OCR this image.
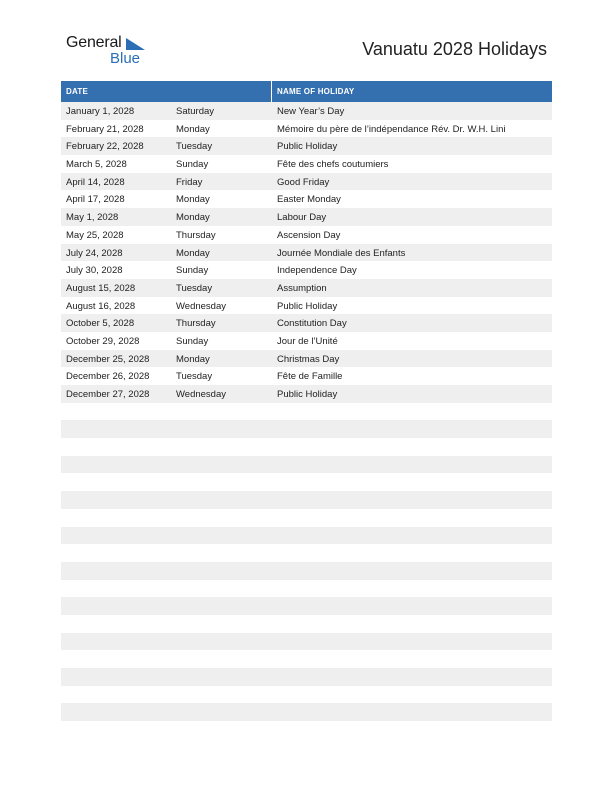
General
Blue	Vanuatu 2028 Holidays
DATE	NAME OF HOLIDAY
January 1, 2028	Saturday	New Year’s Day
February 21, 2028	Monday	Mémoire du père de l’indépendance Rév. Dr. W.H. Lini
February 22, 2028	Tuesday	Public Holiday
March 5, 2028	Sunday	Fête des chefs coutumiers
April 14, 2028	Friday	Good Friday
April 17, 2028	Monday	Easter Monday
May 1, 2028	Monday	Labour Day
May 25, 2028	Thursday	Ascension Day
July 24, 2028	Monday	Journée Mondiale des Enfants
July 30, 2028	Sunday	Independence Day
August 15, 2028	Tuesday	Assumption
August 16, 2028	Wednesday	Public Holiday
October 5, 2028	Thursday	Constitution Day
October 29, 2028	Sunday	Jour de l’Unité
December 25, 2028	Monday	Christmas Day
December 26, 2028	Tuesday	Fête de Famille
December 27, 2028	Wednesday	Public Holiday
